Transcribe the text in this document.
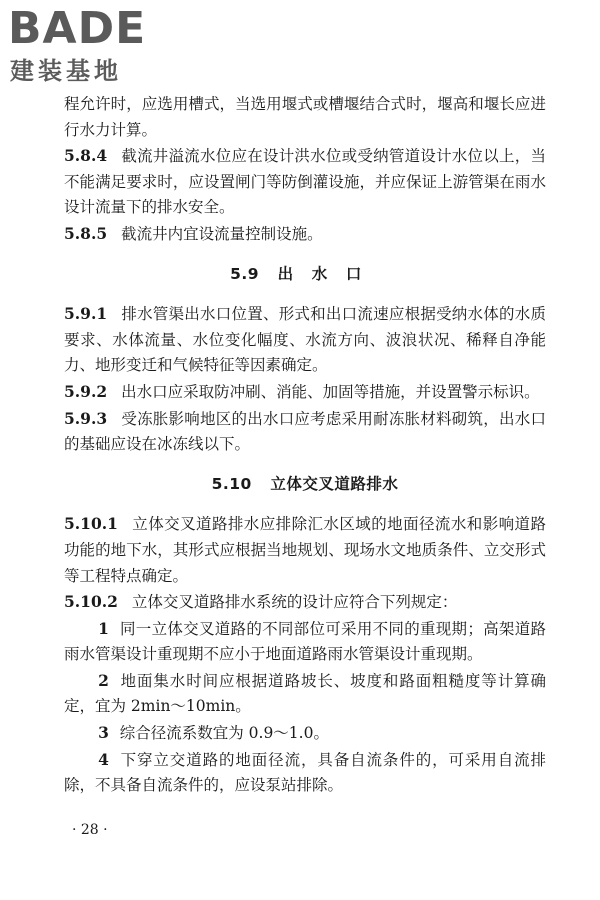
BADE
建装基地

程允许时，应选用槽式，当选用堰式或槽堰结合式时，堰高和堰长应进行水力计算。

5.8.4 截流井溢流水位应在设计洪水位或受纳管道设计水位以上，当不能满足要求时，应设置闸门等防倒灌设施，并应保证上游管渠在雨水设计流量下的排水安全。

5.8.5 截流井内宜设流量控制设施。

5.9 出水口

5.9.1 排水管渠出水口位置、形式和出口流速应根据受纳水体的水质要求、水体流量、水位变化幅度、水流方向、波浪状况、稀释自净能力、地形变迁和气候特征等因素确定。

5.9.2 出水口应采取防冲刷、消能、加固等措施，并设置警示标识。

5.9.3 受冻胀影响地区的出水口应考虑采用耐冻胀材料砌筑，出水口的基础应设在冰冻线以下。

5.10 立体交叉道路排水

5.10.1 立体交叉道路排水应排除汇水区域的地面径流水和影响道路功能的地下水，其形式应根据当地规划、现场水文地质条件、立交形式等工程特点确定。

5.10.2 立体交叉道路排水系统的设计应符合下列规定：

1 同一立体交叉道路的不同部位可采用不同的重现期；高架道路雨水管渠设计重现期不应小于地面道路雨水管渠设计重现期。

2 地面集水时间应根据道路坡长、坡度和路面粗糙度等计算确定，宜为 2min～10min。

3 综合径流系数宜为 0.9～1.0。

4 下穿立交道路的地面径流，具备自流条件的，可采用自流排除，不具备自流条件的，应设泵站排除。

· 28 ·
